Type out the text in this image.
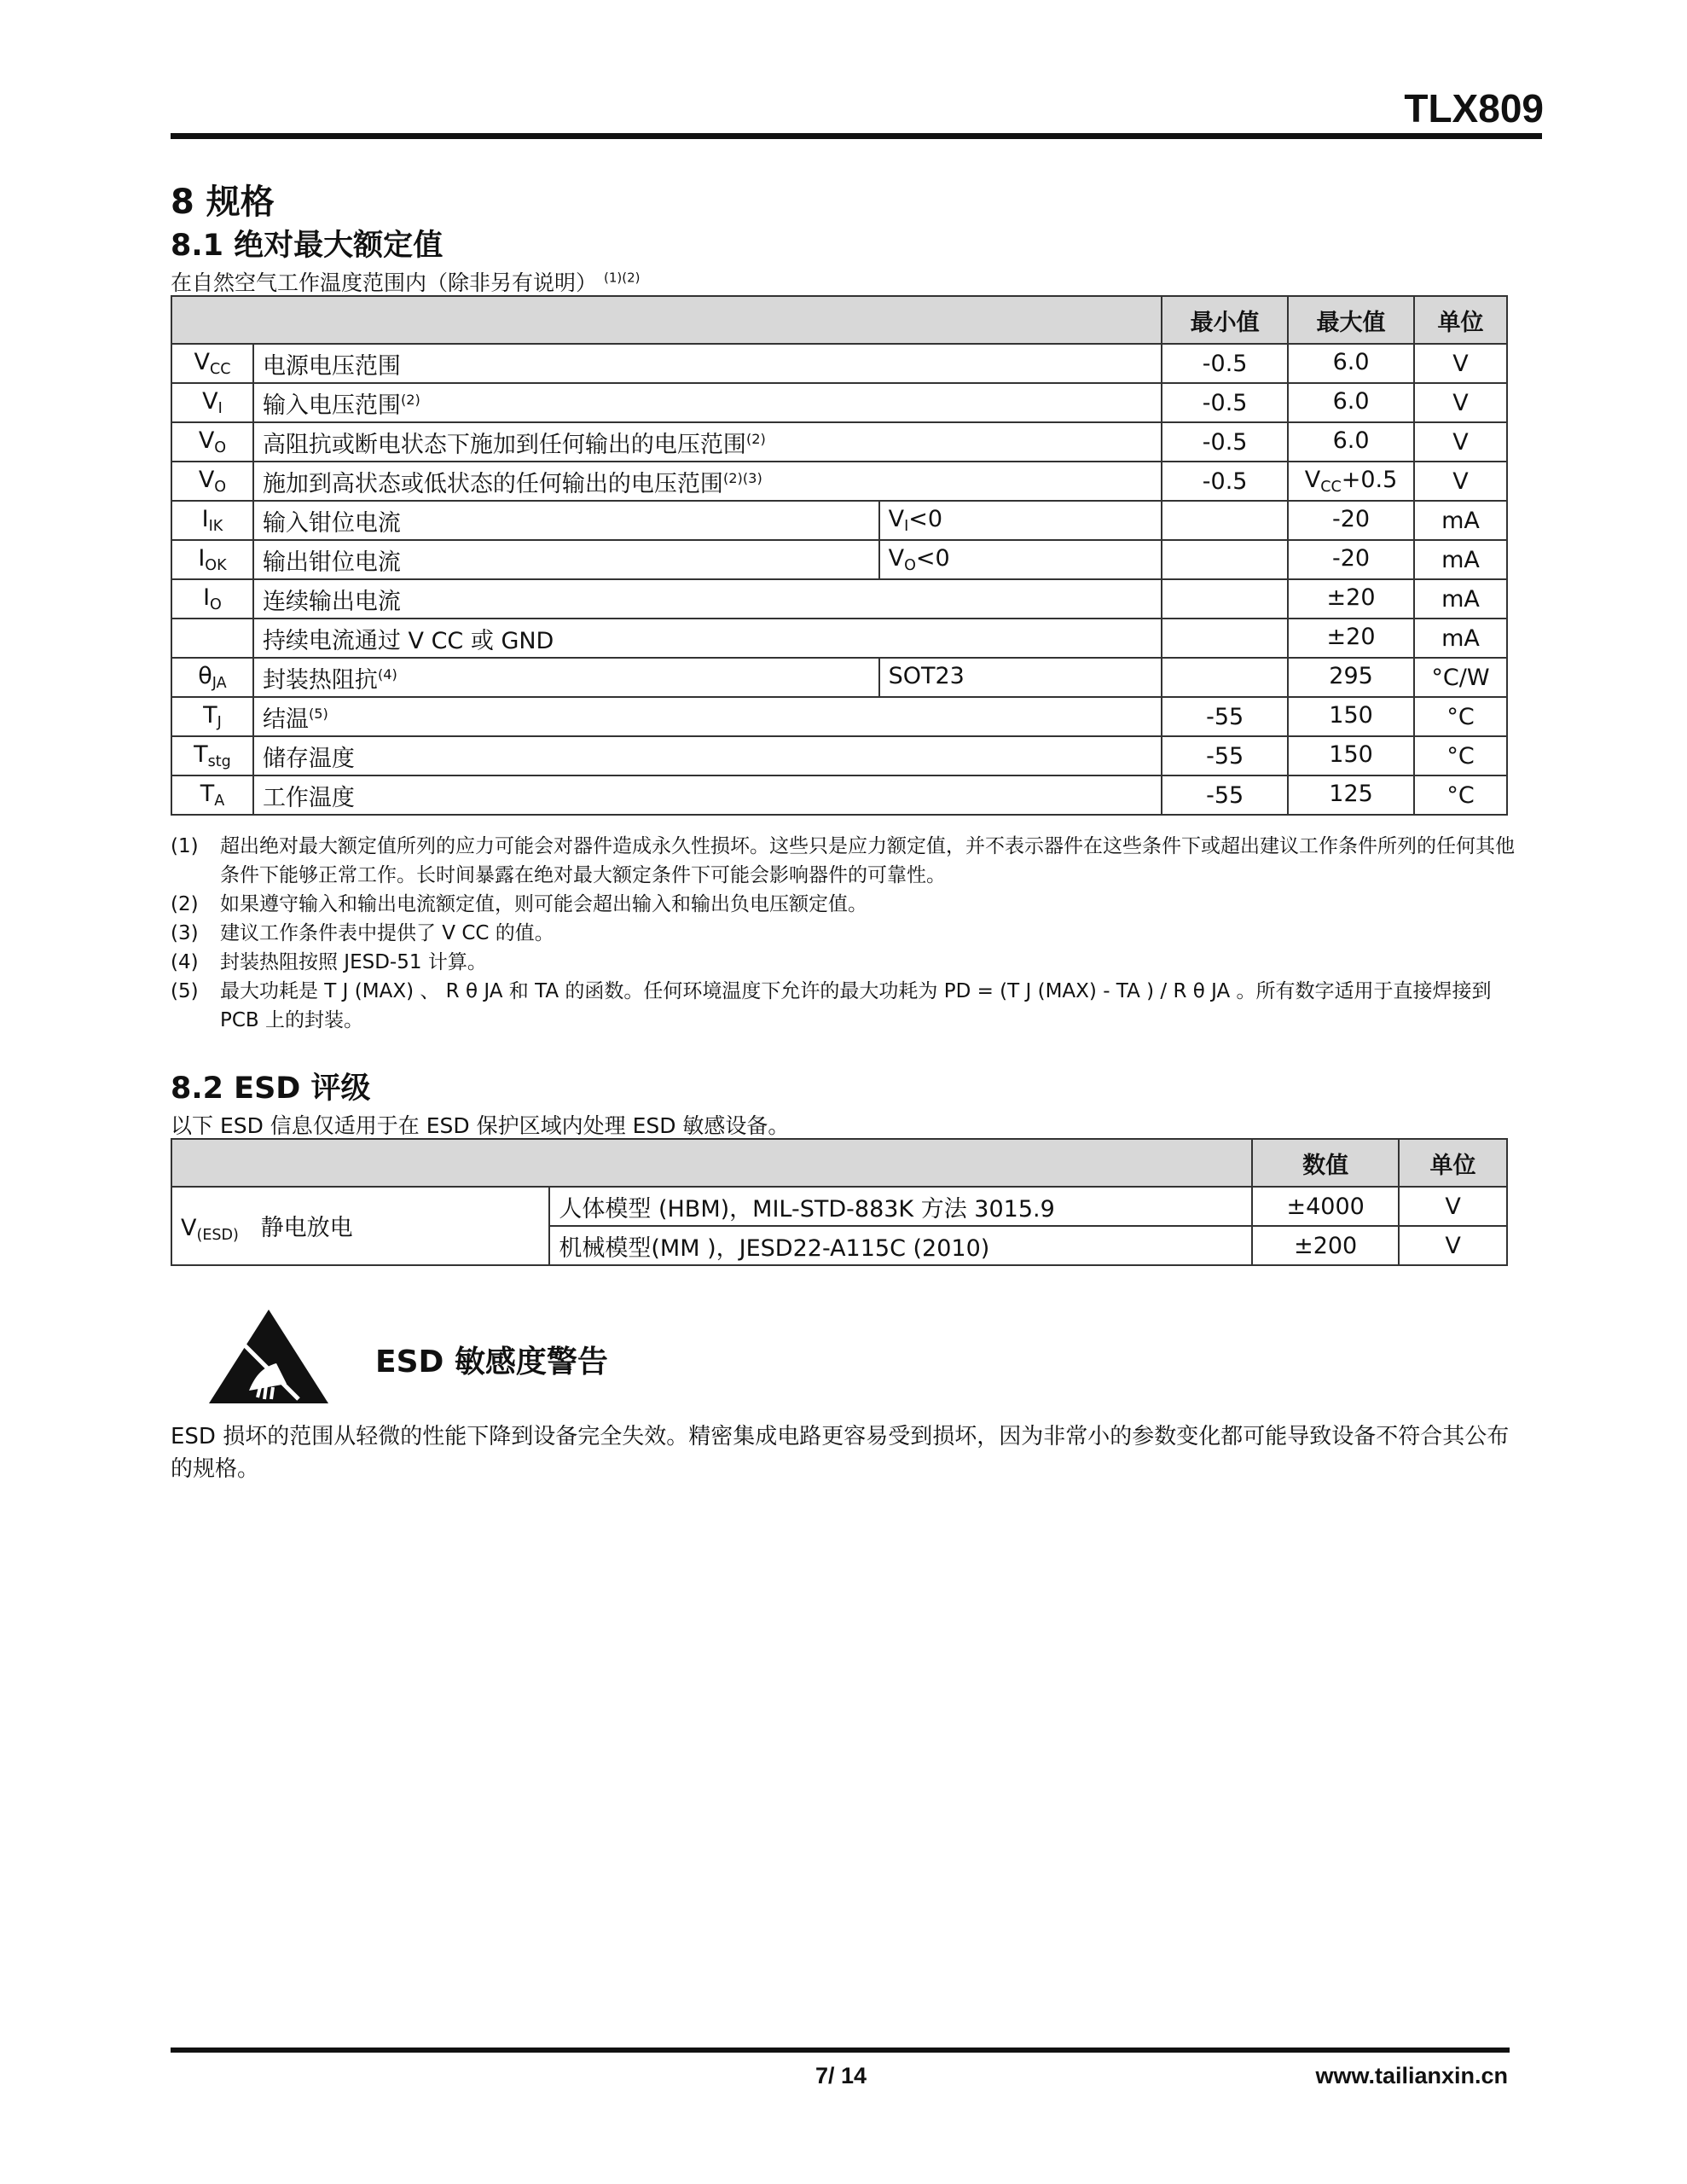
TLX809
8 规格
8.1 绝对最大额定值
在自然空气工作温度范围内（除非另有说明） $^{(1)(2)}$
			最小值	最大值	单位
$V_{CC}$	电源电压范围		-0.5	6.0	V
$V_I$	输入电压范围$^{(2)}$		-0.5	6.0	V
$V_O$	高阻抗或断电状态下施加到任何输出的电压范围$^{(2)}$		-0.5	6.0	V
$V_O$	施加到高状态或低状态的任何输出的电压范围$^{(2)(3)}$		-0.5	$V_{CC}+0.5$	V
$I_{IK}$	输入钳位电流	$V_I<0$		-20	mA
$I_{OK}$	输出钳位电流	$V_O<0$		-20	mA
$I_O$	连续输出电流			±20	mA
	持续电流通过 V CC 或 GND			±20	mA
$\theta_{JA}$	封装热阻抗$^{(4)}$	SOT23		295	°C/W
$T_J$	结温$^{(5)}$		-55	150	°C
$T_{stg}$	储存温度		-55	150	°C
$T_A$	工作温度		-55	125	°C
(1)	超出绝对最大额定值所列的应力可能会对器件造成永久性损坏。这些只是应力额定值，并不表示器件在这些条件下或超出建议工作条件所列的任何其他条件下能够正常工作。长时间暴露在绝对最大额定条件下可能会影响器件的可靠性。
(2)	如果遵守输入和输出电流额定值，则可能会超出输入和输出负电压额定值。
(3)	建议工作条件表中提供了 V CC 的值。
(4)	封装热阻按照 JESD-51 计算。
(5)	最大功耗是 T J (MAX) 、 R θ JA 和 TA 的函数。任何环境温度下允许的最大功耗为 PD = (T J (MAX) - TA ) / R θ JA 。所有数字适用于直接焊接到 PCB 上的封装。
8.2 ESD 评级
以下 ESD 信息仅适用于在 ESD 保护区域内处理 ESD 敏感设备。
		数值	单位
$V_{(ESD)}$ 静电放电	人体模型 (HBM)，MIL-STD-883K 方法 3015.9	±4000	V
	机械模型(MM )，JESD22-A115C (2010)	±200	V
ESD 敏感度警告
ESD 损坏的范围从轻微的性能下降到设备完全失效。精密集成电路更容易受到损坏，因为非常小的参数变化都可能导致设备不符合其公布的规格。
7/ 14	www.tailianxin.cn
